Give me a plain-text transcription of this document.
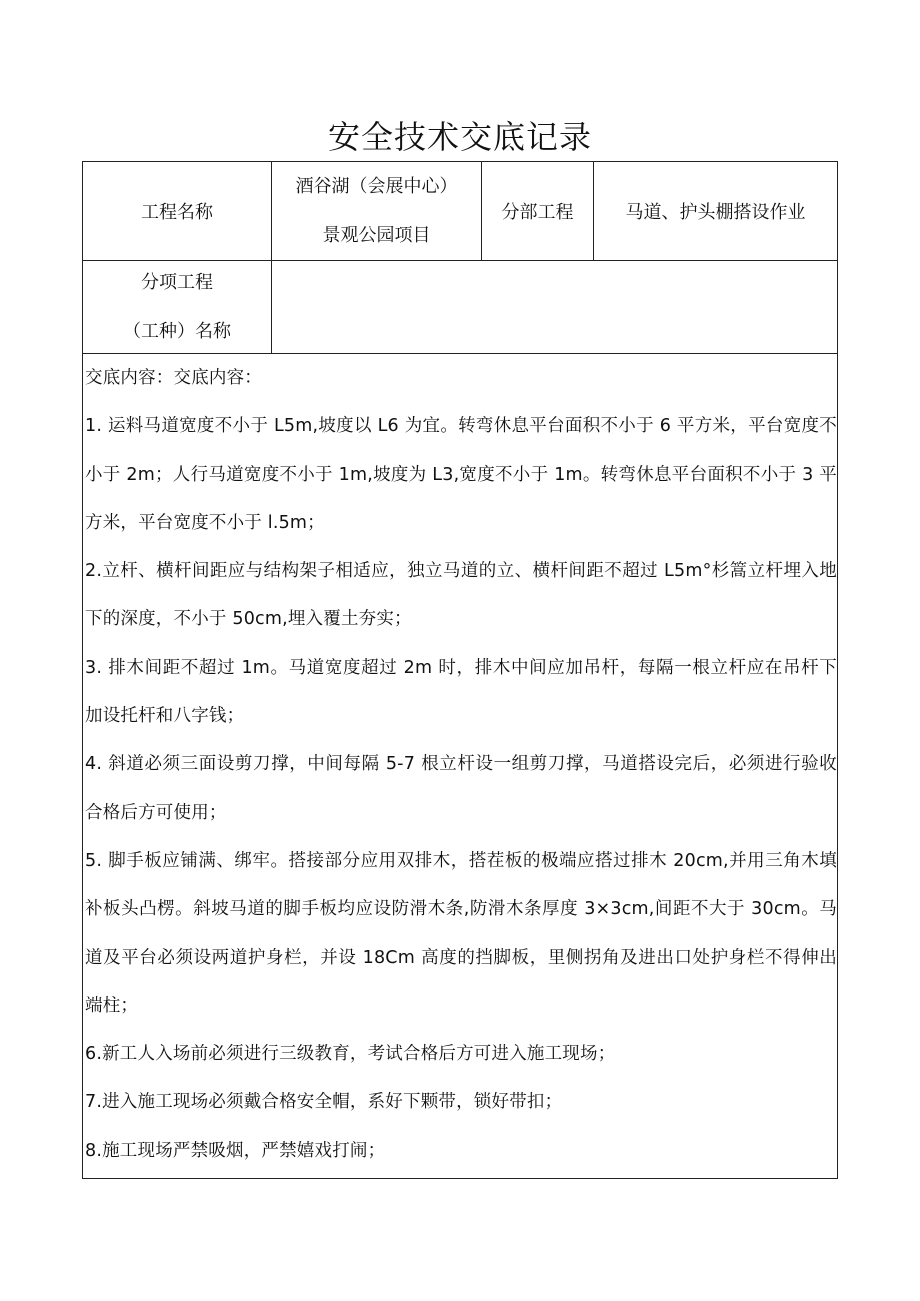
安全技术交底记录
工程名称
酒谷湖（会展中心）
景观公园项目
分部工程	马道、护头棚搭设作业
分项工程
（工种）名称

交底内容：交底内容：

1. 运料马道宽度不小于 L5m,坡度以 L6 为宜。转弯休息平台面积不小于 6 平方米，平台宽度不小于 2m；人行马道宽度不小于 1m,坡度为 L3,宽度不小于 1m。转弯休息平台面积不小于 3 平方米，平台宽度不小于 l.5m；

2.立杆、横杆间距应与结构架子相适应，独立马道的立、横杆间距不超过 L5m°杉篙立杆埋入地下的深度，不小于 50cm,埋入覆土夯实；

3. 排木间距不超过 1m。马道宽度超过 2m 时，排木中间应加吊杆，每隔一根立杆应在吊杆下加设托杆和八字钱；

4. 斜道必须三面设剪刀撑，中间每隔 5-7 根立杆设一组剪刀撑，马道搭设完后，必须进行验收合格后方可使用；

5. 脚手板应铺满、绑牢。搭接部分应用双排木，搭茬板的极端应搭过排木 20cm,并用三角木填补板头凸楞。斜坡马道的脚手板均应设防滑木条,防滑木条厚度 3×3cm,间距不大于 30cm。马道及平台必须设两道护身栏，并设 18Cm 高度的挡脚板，里侧拐角及进出口处护身栏不得伸出端柱；

6.新工人入场前必须进行三级教育，考试合格后方可进入施工现场；

7.进入施工现场必须戴合格安全帽，系好下颗带，锁好带扣；

8.施工现场严禁吸烟，严禁嬉戏打闹；
